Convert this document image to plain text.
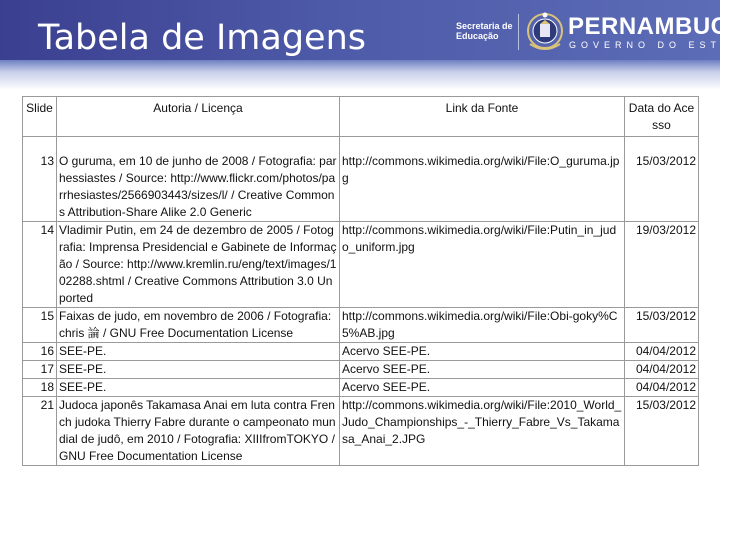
Tabela de Imagens	Secretaria de Educação	PERNAMBUCO
GOVERNO DO ESTADO
Slide	Autoria / Licença	Link da Fonte	Data do Acesso
13	O guruma, em 10 de junho de 2008 / Fotografia: parhessiastes / Source: http://www.flickr.com/photos/parrhesiastes/2566903443/sizes/l/ / Creative Commons Attribution-Share Alike 2.0 Generic	http://commons.wikimedia.org/wiki/File:O_guruma.jpg	15/03/2012
14	Vladimir Putin, em 24 de dezembro de 2005 / Fotografia: Imprensa Presidencial e Gabinete de Informação / Source: http://www.kremlin.ru/eng/text/images/102288.shtml / Creative Commons Attribution 3.0 Unported	http://commons.wikimedia.org/wiki/File:Putin_in_judo_uniform.jpg	19/03/2012
15	Faixas de judo, em novembro de 2006 / Fotografia: chris 論 / GNU Free Documentation License	http://commons.wikimedia.org/wiki/File:Obi-goky%C5%AB.jpg	15/03/2012
16	SEE-PE.	Acervo SEE-PE.	04/04/2012
17	SEE-PE.	Acervo SEE-PE.	04/04/2012
18	SEE-PE.	Acervo SEE-PE.	04/04/2012
21	Judoca japonês Takamasa Anai em luta contra French judoka Thierry Fabre durante o campeonato mundial de judô, em 2010 / Fotografia: XIIIfromTOKYO / GNU Free Documentation License	http://commons.wikimedia.org/wiki/File:2010_World_Judo_Championships_-_Thierry_Fabre_Vs_Takamasa_Anai_2.JPG	15/03/2012
